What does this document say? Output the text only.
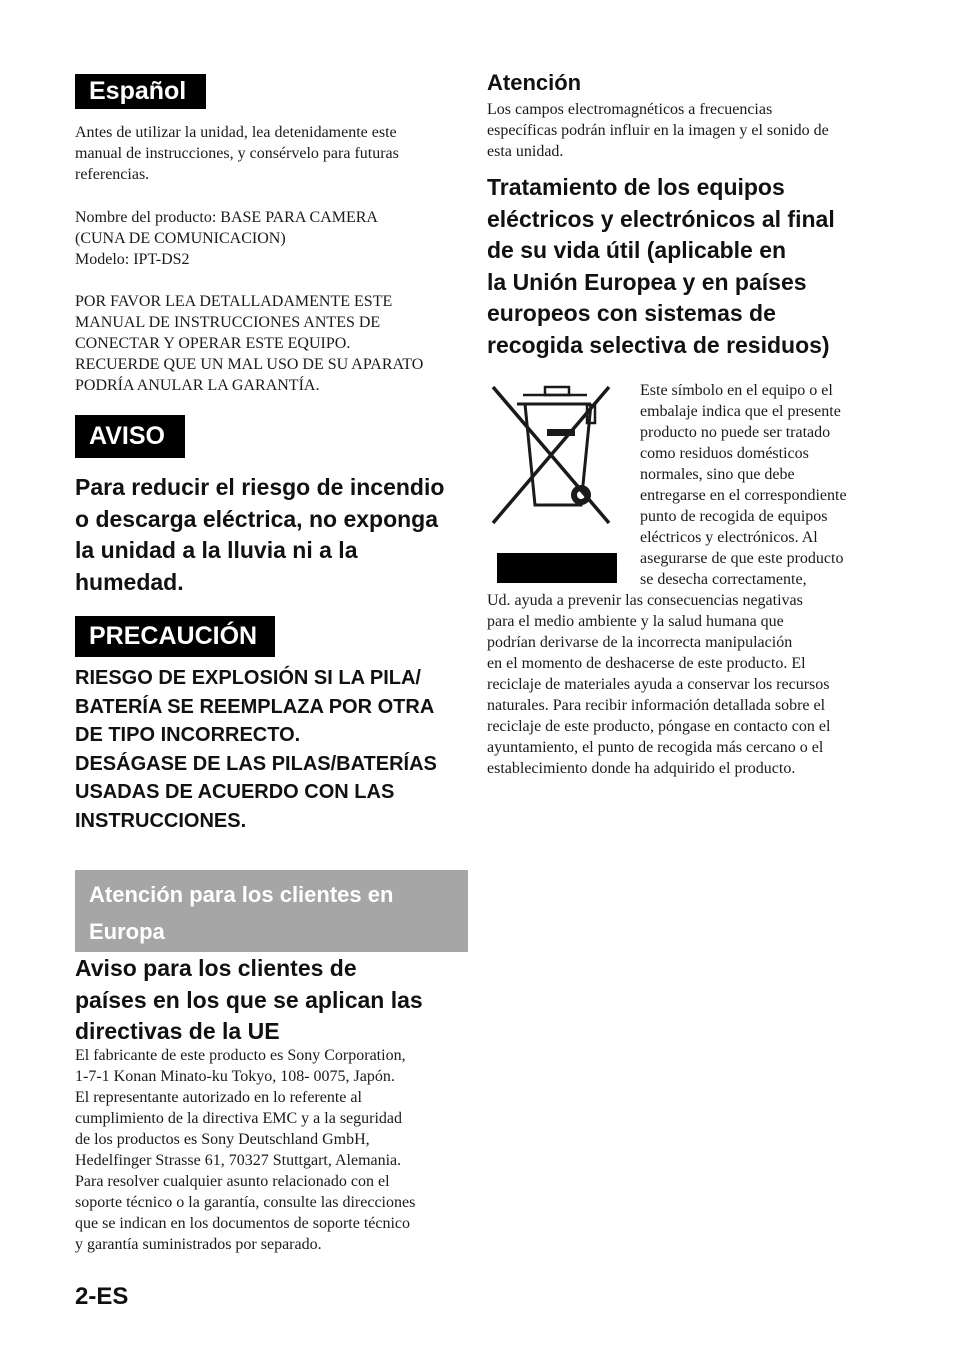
Español

Antes de utilizar la unidad, lea detenidamente este
manual de instrucciones, y consérvelo para futuras
referencias.

Nombre del producto: BASE PARA CAMERA
(CUNA DE COMUNICACION)
Modelo: IPT-DS2

POR FAVOR LEA DETALLADAMENTE ESTE
MANUAL DE INSTRUCCIONES ANTES DE
CONECTAR Y OPERAR ESTE EQUIPO.
RECUERDE QUE UN MAL USO DE SU APARATO
PODRÍA ANULAR LA GARANTÍA.

AVISO

Para reducir el riesgo de incendio
o descarga eléctrica, no exponga
la unidad a la lluvia ni a la
humedad.

PRECAUCIÓN

RIESGO DE EXPLOSIÓN SI LA PILA/
BATERÍA SE REEMPLAZA POR OTRA
DE TIPO INCORRECTO.
DESÁGASE DE LAS PILAS/BATERÍAS
USADAS DE ACUERDO CON LAS
INSTRUCCIONES.

Atención para los clientes en
Europa

Aviso para los clientes de
países en los que se aplican las
directivas de la UE

El fabricante de este producto es Sony Corporation,
1-7-1 Konan Minato-ku Tokyo, 108- 0075, Japón.
El representante autorizado en lo referente al
cumplimiento de la directiva EMC y a la seguridad
de los productos es Sony Deutschland GmbH,
Hedelfinger Strasse 61, 70327 Stuttgart, Alemania.
Para resolver cualquier asunto relacionado con el
soporte técnico o la garantía, consulte las direcciones
que se indican en los documentos de soporte técnico
y garantía suministrados por separado.

2-ES
Atención

Los campos electromagnéticos a frecuencias
específicas podrán influir en la imagen y el sonido de
esta unidad.

Tratamiento de los equipos
eléctricos y electrónicos al final
de su vida útil (aplicable en
la Unión Europea y en países
europeos con sistemas de
recogida selectiva de residuos)

Este símbolo en el equipo o el
embalaje indica que el presente
producto no puede ser tratado
como residuos domésticos
normales, sino que debe
entregarse en el correspondiente
punto de recogida de equipos
eléctricos y electrónicos. Al
asegurarse de que este producto
se desecha correctamente,

Ud. ayuda a prevenir las consecuencias negativas
para el medio ambiente y la salud humana que
podrían derivarse de la incorrecta manipulación
en el momento de deshacerse de este producto. El
reciclaje de materiales ayuda a conservar los recursos
naturales. Para recibir información detallada sobre el
reciclaje de este producto, póngase en contacto con el
ayuntamiento, el punto de recogida más cercano o el
establecimiento donde ha adquirido el producto.
